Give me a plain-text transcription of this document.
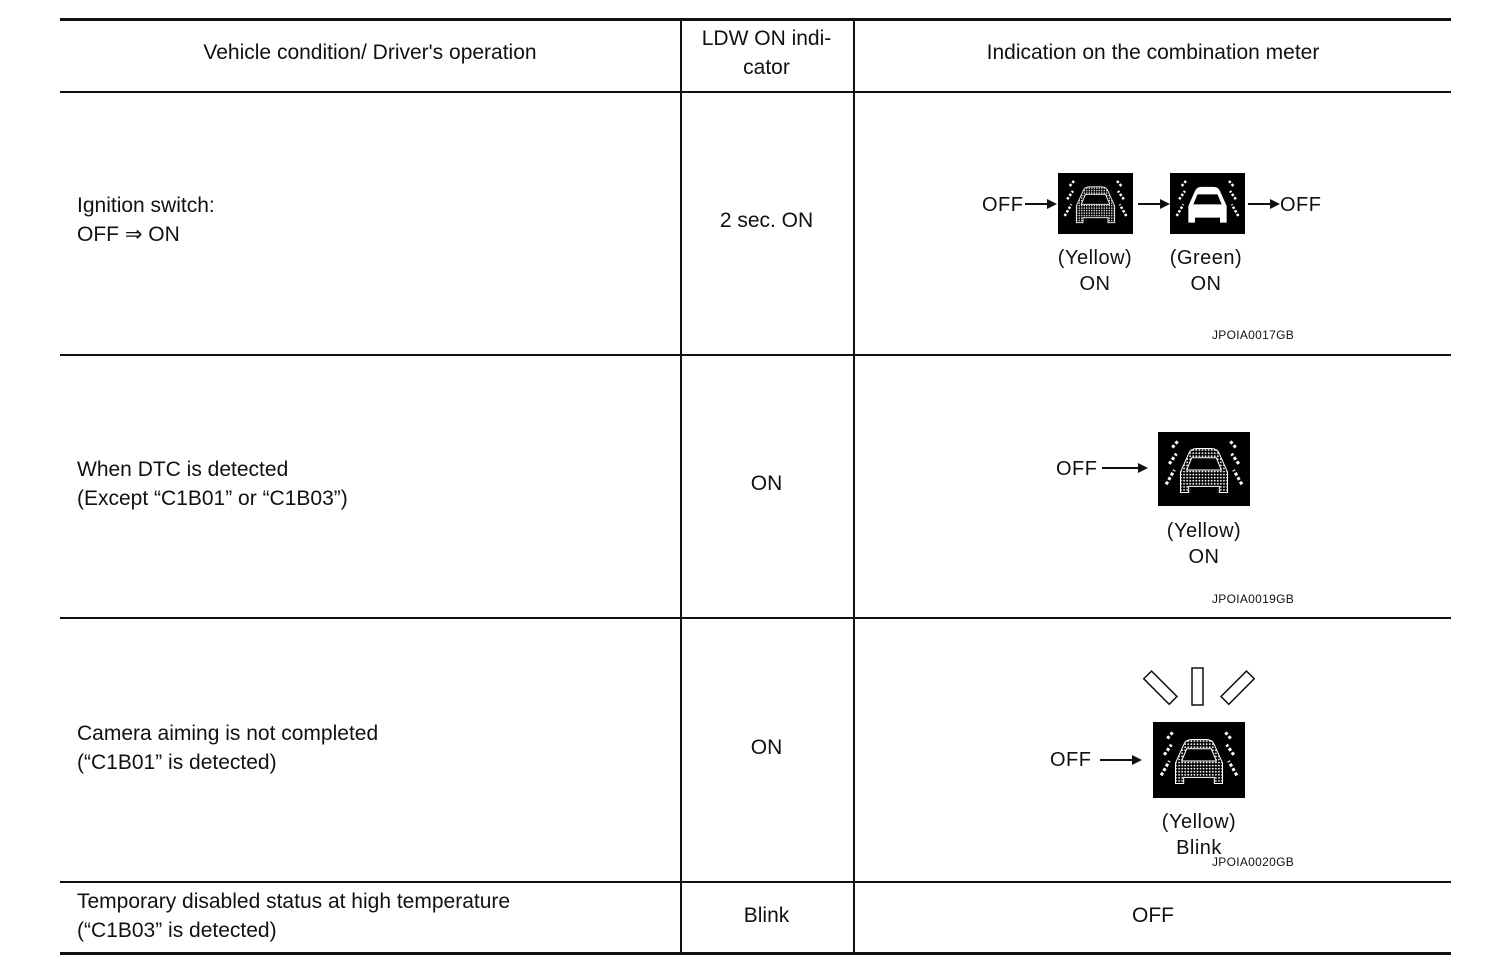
Vehicle condition/ Driver's operation
LDW ON indi-
cator
Indication on the combination meter
Ignition switch:
OFF ⇒ ON
2 sec. ON
OFF	OFF
(Yellow)
ON
(Green)
ON
JPOIA0017GB
When DTC is detected
(Except “C1B01” or “C1B03”)
ON
OFF
(Yellow)
ON
JPOIA0019GB
Camera aiming is not completed
(“C1B01” is detected)
ON
OFF
(Yellow)
Blink
JPOIA0020GB
Temporary disabled status at high temperature
(“C1B03” is detected)
Blink	OFF
